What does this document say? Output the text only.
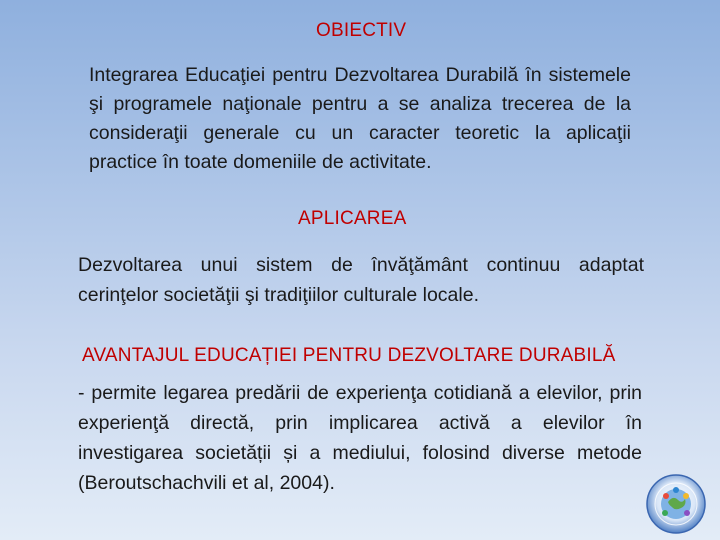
OBIECTIV
Integrarea Educaţiei pentru Dezvoltarea Durabilă în sistemele şi programele naţionale pentru a se analiza trecerea de la consideraţii generale cu un caracter teoretic la aplicaţii practice în toate domeniile de activitate.
APLICAREA
Dezvoltarea unui sistem de învăţământ continuu adaptat cerinţelor societăţii şi tradiţiilor culturale locale.
AVANTAJUL EDUCAȚIEI PENTRU DEZVOLTARE DURABILĂ
- permite legarea predării de experienţa cotidiană a elevilor, prin experienţă directă, prin implicarea activă a elevilor în investigarea societății și a mediului, folosind diverse metode (Beroutschachvili et al, 2004).
